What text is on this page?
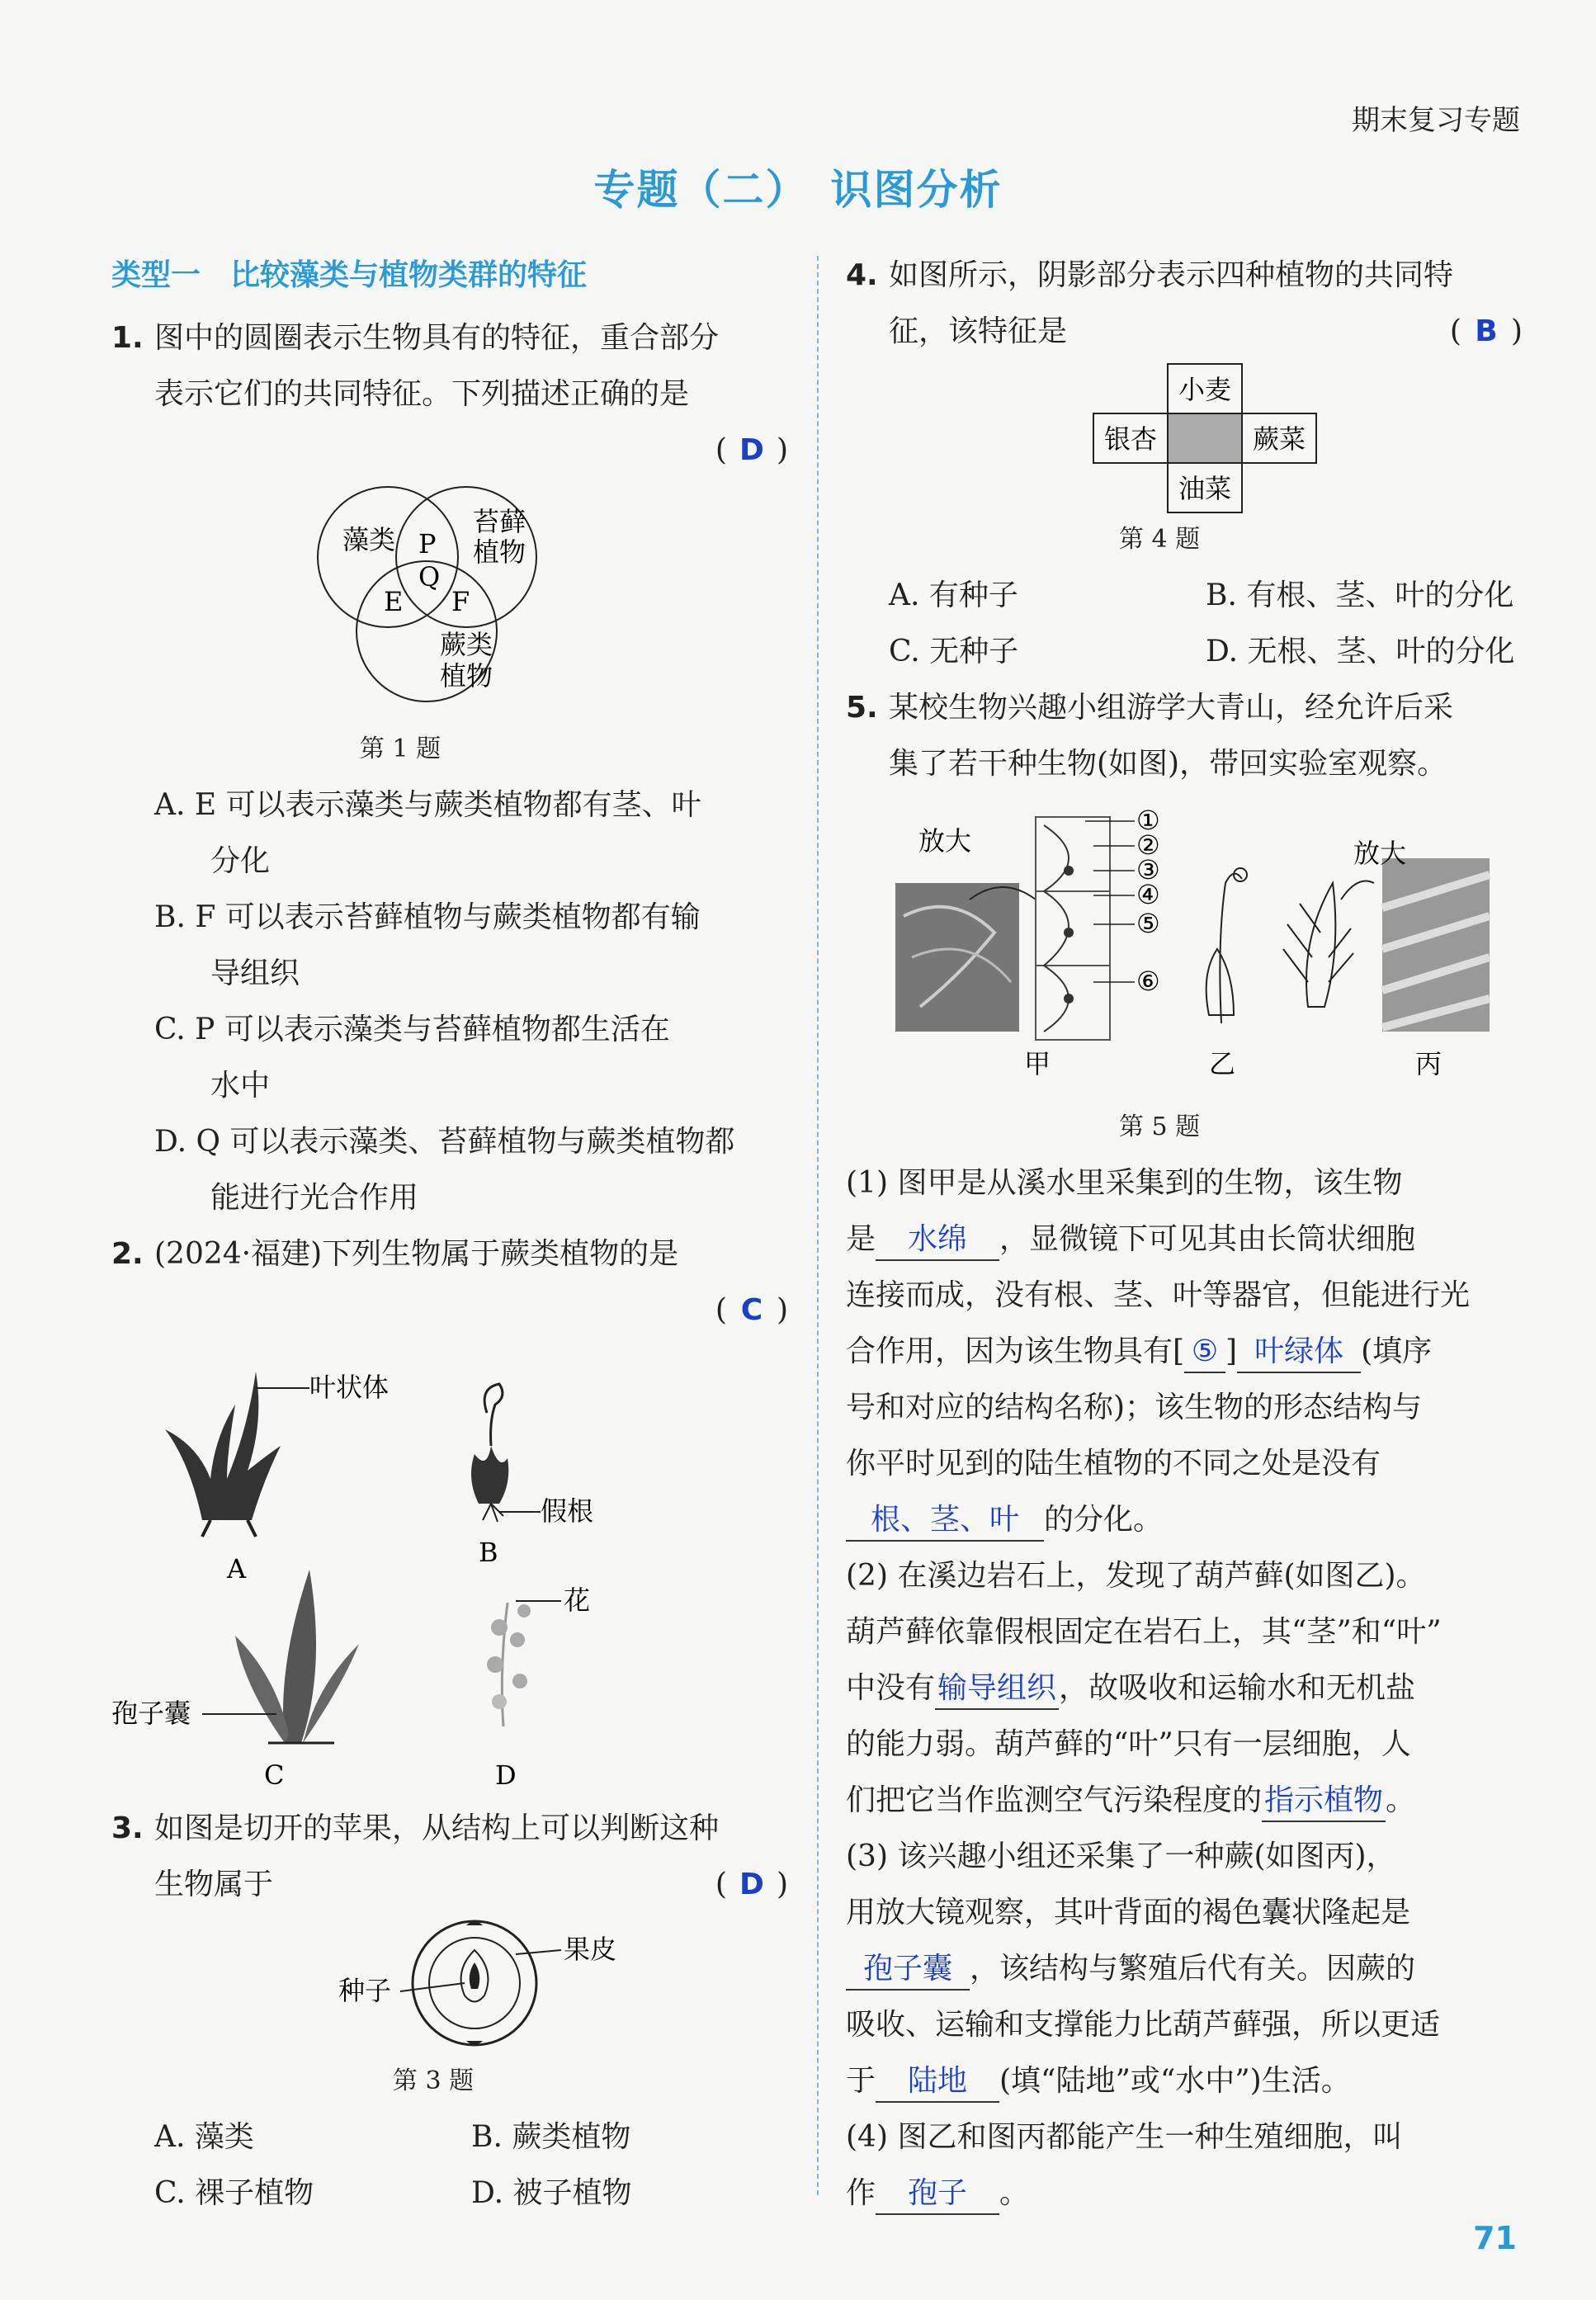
期末复习专题
专题（二）　识图分析
类型一　比较藻类与植物类群的特征
1. 图中的圆圈表示生物具有的特征，重合部分
表示它们的共同特征。下列描述正确的是
( D )
藻类
苔藓
植物
蕨类
植物
P
Q
E F
第 1 题
A. E 可以表示藻类与蕨类植物都有茎、叶
分化
B. F 可以表示苔藓植物与蕨类植物都有输
导组织
C. P 可以表示藻类与苔藓植物都生活在
水中
D. Q 可以表示藻类、苔藓植物与蕨类植物都
能进行光合作用
2. (2024·福建)下列生物属于蕨类植物的是
( C )
叶状体
A
假根
B
孢子囊
C
花
D
3. 如图是切开的苹果，从结构上可以判断这种
生物属于	( D )
种子
果皮
第 3 题
A. 藻类	B. 蕨类植物
C. 裸子植物	D. 被子植物
4. 如图所示，阴影部分表示四种植物的共同特
征，该特征是	( B )
小麦
银杏	蕨菜
油菜
第 4 题
A. 有种子	B. 有根、茎、叶的分化
C. 无种子	D. 无根、茎、叶的分化
5. 某校生物兴趣小组游学大青山，经允许后采
集了若干种生物(如图)，带回实验室观察。
放大
①
②
③
④
⑤
⑥
甲	乙
放大
丙
第 5 题
(1) 图甲是从溪水里采集到的生物，该生物
是 水绵 ，显微镜下可见其由长筒状细胞
连接而成，没有根、茎、叶等器官，但能进行光
合作用，因为该生物具有[ ⑤ ] 叶绿体 (填序
号和对应的结构名称)；该生物的形态结构与
你平时见到的陆生植物的不同之处是没有
根、茎、叶 的分化。
(2) 在溪边岩石上，发现了葫芦藓(如图乙)。
葫芦藓依靠假根固定在岩石上，其“茎”和“叶”
中没有输导组织，故吸收和运输水和无机盐
的能力弱。葫芦藓的“叶”只有一层细胞，人
们把它当作监测空气污染程度的指示植物。
(3) 该兴趣小组还采集了一种蕨(如图丙)，
用放大镜观察，其叶背面的褐色囊状隆起是
孢子囊 ，该结构与繁殖后代有关。因蕨的
吸收、运输和支撑能力比葫芦藓强，所以更适
于 陆地 (填“陆地”或“水中”)生活。
(4) 图乙和图丙都能产生一种生殖细胞，叫
作 孢子 。
71
